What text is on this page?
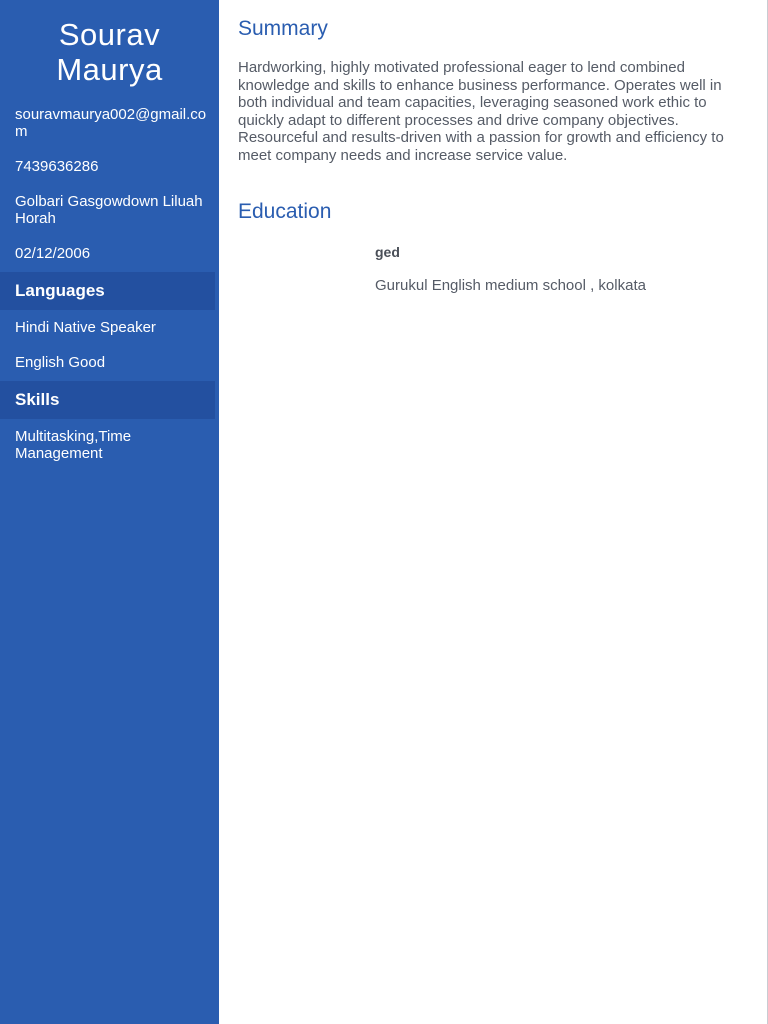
Sourav Maurya
souravmaurya002@gmail.com
7439636286
Golbari Gasgowdown Liluah Horah
02/12/2006
Languages
Hindi Native Speaker
English Good
Skills
Multitasking,Time Management
Summary
Hardworking, highly motivated professional eager to lend combined knowledge and skills to enhance business performance. Operates well in both individual and team capacities, leveraging seasoned work ethic to quickly adapt to different processes and drive company objectives. Resourceful and results-driven with a passion for growth and efficiency to meet company needs and increase service value.
Education
ged
Gurukul English medium school , kolkata
